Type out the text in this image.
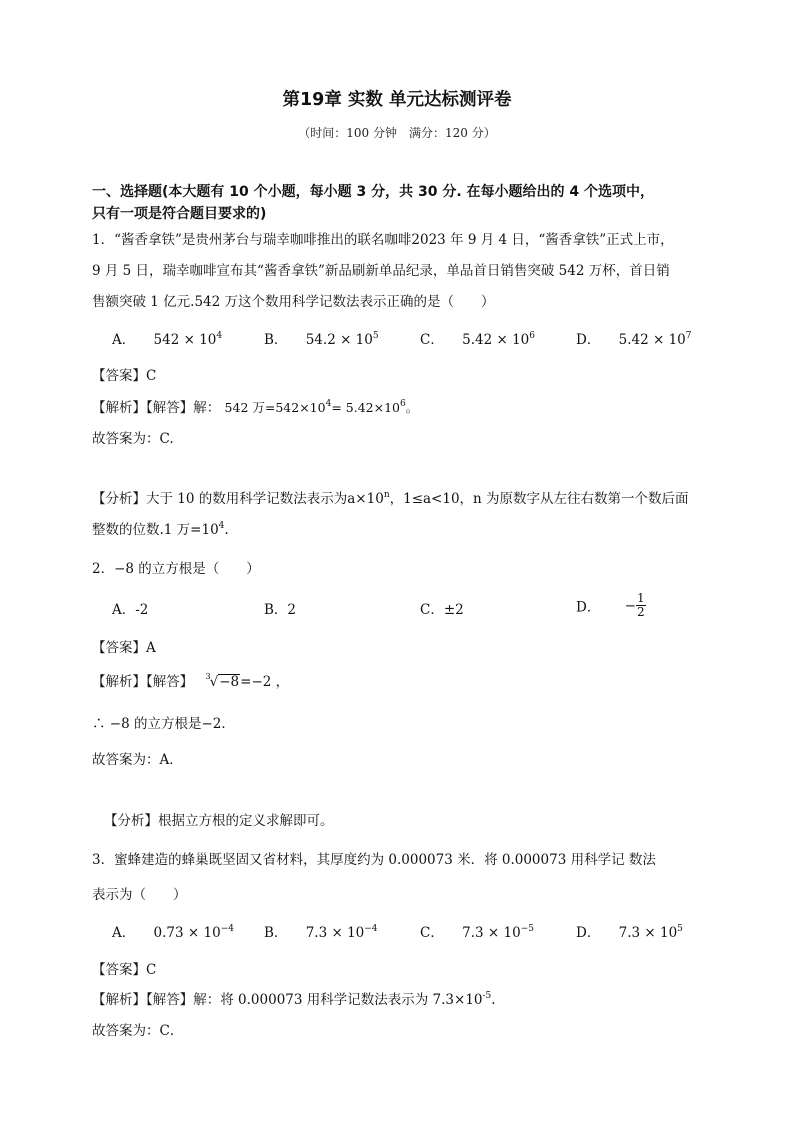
第19章 实数 单元达标测评卷
（时间：100 分钟　满分：120 分）
一、选择题(本大题有 10 个小题，每小题 3 分，共 30 分. 在每小题给出的 4 个选项中，
只有一项是符合题目要求的)
1．“酱香拿铁”是贵州茅台与瑞幸咖啡推出的联名咖啡2023 年 9 月 4 日，“酱香拿铁”正式上市，
9 月 5 日，瑞幸咖啡宣布其“酱香拿铁”新品刷新单品纪录，单品首日销售突破 542 万杯，首日销
售额突破 1 亿元.542 万这个数用科学记数法表示正确的是（　　）
A． $542 \times 10^4$	B． $54.2 \times 10^5$	C． $5.42 \times 10^6$	D． $5.42 \times 10^7$
【答案】C
【解析】【解答】解： 542 万$=542\times 10^4= 5.42\times 10^6$。
故答案为：C.
【分析】大于 10 的数用科学记数法表示为$a\times 10^n$，1≤a<10，n 为原数字从左往右数第一个数后面
整数的位数.1 万$=10^4$.
2．−8 的立方根是（　　）
A．-2	B．2	C．±2	D． − $\frac{1}{2}$
【答案】A
【解析】【解答】 $^3$√−8=−2 ，
∴ −8 的立方根是−2．
故答案为：A．
【分析】根据立方根的定义求解即可。
3．蜜蜂建造的蜂巢既坚固又省材料，其厚度约为 0.000073 米．将 0.000073 用科学记 数法
表示为（　　）
A． $0.73 \times 10^{-4}$ B． $7.3 \times 10^{-4}$	C． $7.3 \times 10^{-5}$	D． $7.3 \times 10^5$
【答案】C
【解析】【解答】解：将 0.000073 用科学记数法表示为 $7.3\times 10^{-5}$.
故答案为：C．
